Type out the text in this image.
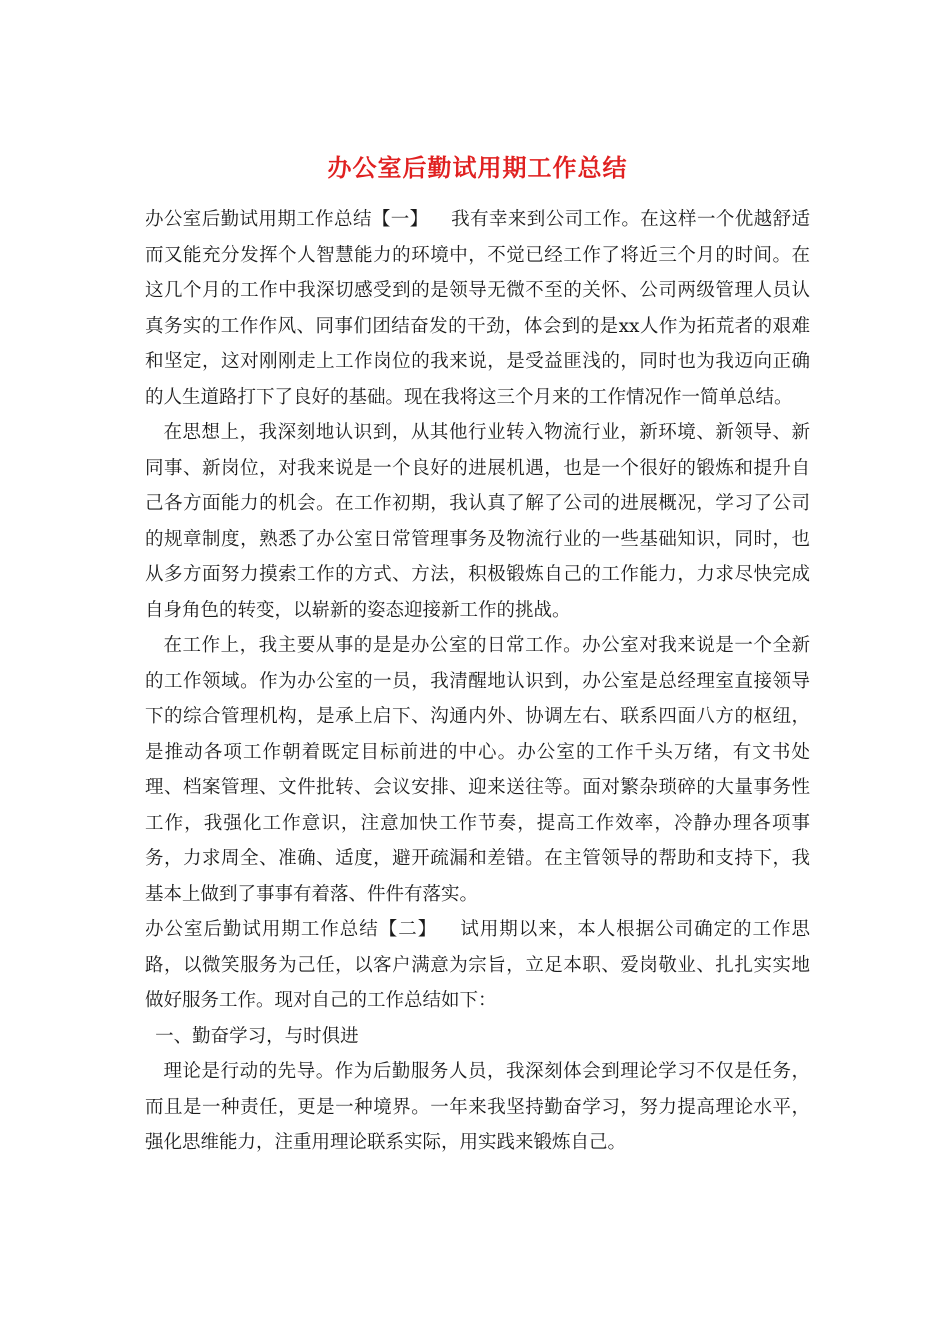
办公室后勤试用期工作总结

办公室后勤试用期工作总结【一】 我有幸来到公司工作。在这样一个优越舒适而又能充分发挥个人智慧能力的环境中，不觉已经工作了将近三个月的时间。在这几个月的工作中我深切感受到的是领导无微不至的关怀、公司两级管理人员认真务实的工作作风、同事们团结奋发的干劲，体会到的是xx人作为拓荒者的艰难和坚定，这对刚刚走上工作岗位的我来说，是受益匪浅的，同时也为我迈向正确的人生道路打下了良好的基础。现在我将这三个月来的工作情况作一简单总结。

在思想上，我深刻地认识到，从其他行业转入物流行业，新环境、新领导、新同事、新岗位，对我来说是一个良好的进展机遇，也是一个很好的锻炼和提升自己各方面能力的机会。在工作初期，我认真了解了公司的进展概况，学习了公司的规章制度，熟悉了办公室日常管理事务及物流行业的一些基础知识，同时，也从多方面努力摸索工作的方式、方法，积极锻炼自己的工作能力，力求尽快完成自身角色的转变，以崭新的姿态迎接新工作的挑战。

在工作上，我主要从事的是是办公室的日常工作。办公室对我来说是一个全新的工作领域。作为办公室的一员，我清醒地认识到，办公室是总经理室直接领导下的综合管理机构，是承上启下、沟通内外、协调左右、联系四面八方的枢纽，是推动各项工作朝着既定目标前进的中心。办公室的工作千头万绪，有文书处理、档案管理、文件批转、会议安排、迎来送往等。面对繁杂琐碎的大量事务性工作，我强化工作意识，注意加快工作节奏，提高工作效率，冷静办理各项事务，力求周全、准确、适度，避开疏漏和差错。在主管领导的帮助和支持下，我基本上做到了事事有着落、件件有落实。

办公室后勤试用期工作总结【二】 试用期以来，本人根据公司确定的工作思路，以微笑服务为己任，以客户满意为宗旨，立足本职、爱岗敬业、扎扎实实地做好服务工作。现对自己的工作总结如下：

一、勤奋学习，与时俱进

理论是行动的先导。作为后勤服务人员，我深刻体会到理论学习不仅是任务，而且是一种责任，更是一种境界。一年来我坚持勤奋学习，努力提高理论水平，强化思维能力，注重用理论联系实际，用实践来锻炼自己。
